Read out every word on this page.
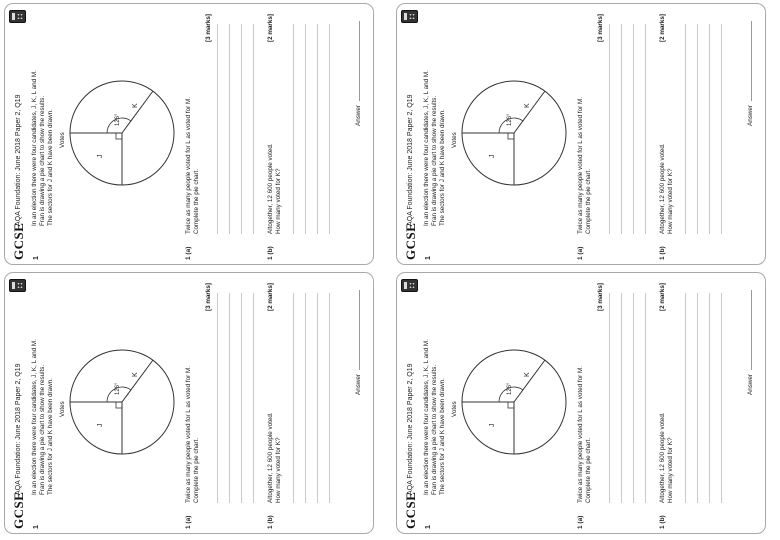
GCSE
AQA Foundation: June 2018 Paper 2, Q19
1
In an election there were four candidates, J, K, L and M. Fran is drawing a pie chart to show the results. The sectors for J and K have been drawn. Votes
J
126°
K
1 (a)
Twice as many people voted for L as voted for M. Complete the pie chart.
[3 marks]
1 (b)
Altogether, 12 600 people voted. How many voted for K?
[2 marks]
Answer
GCSE
AQA Foundation: June 2018 Paper 2, Q19
1
In an election there were four candidates, J, K, L and M. Fran is drawing a pie chart to show the results. The sectors for J and K have been drawn. Votes
J
126°
K
1 (a)
Twice as many people voted for L as voted for M. Complete the pie chart.
[3 marks]
1 (b)
Altogether, 12 600 people voted. How many voted for K?
[2 marks]
Answer
GCSE
AQA Foundation: June 2018 Paper 2, Q19
1
In an election there were four candidates, J, K, L and M. Fran is drawing a pie chart to show the results. The sectors for J and K have been drawn. Votes
J
126°
K
1 (a)
Twice as many people voted for L as voted for M. Complete the pie chart.
[3 marks]
1 (b)
Altogether, 12 600 people voted. How many voted for K?
[2 marks]
Answer
GCSE
AQA Foundation: June 2018 Paper 2, Q19
1
In an election there were four candidates, J, K, L and M. Fran is drawing a pie chart to show the results. The sectors for J and K have been drawn. Votes
J
126°
K
1 (a)
Twice as many people voted for L as voted for M. Complete the pie chart.
[3 marks]
1 (b)
Altogether, 12 600 people voted. How many voted for K?
[2 marks]
Answer
